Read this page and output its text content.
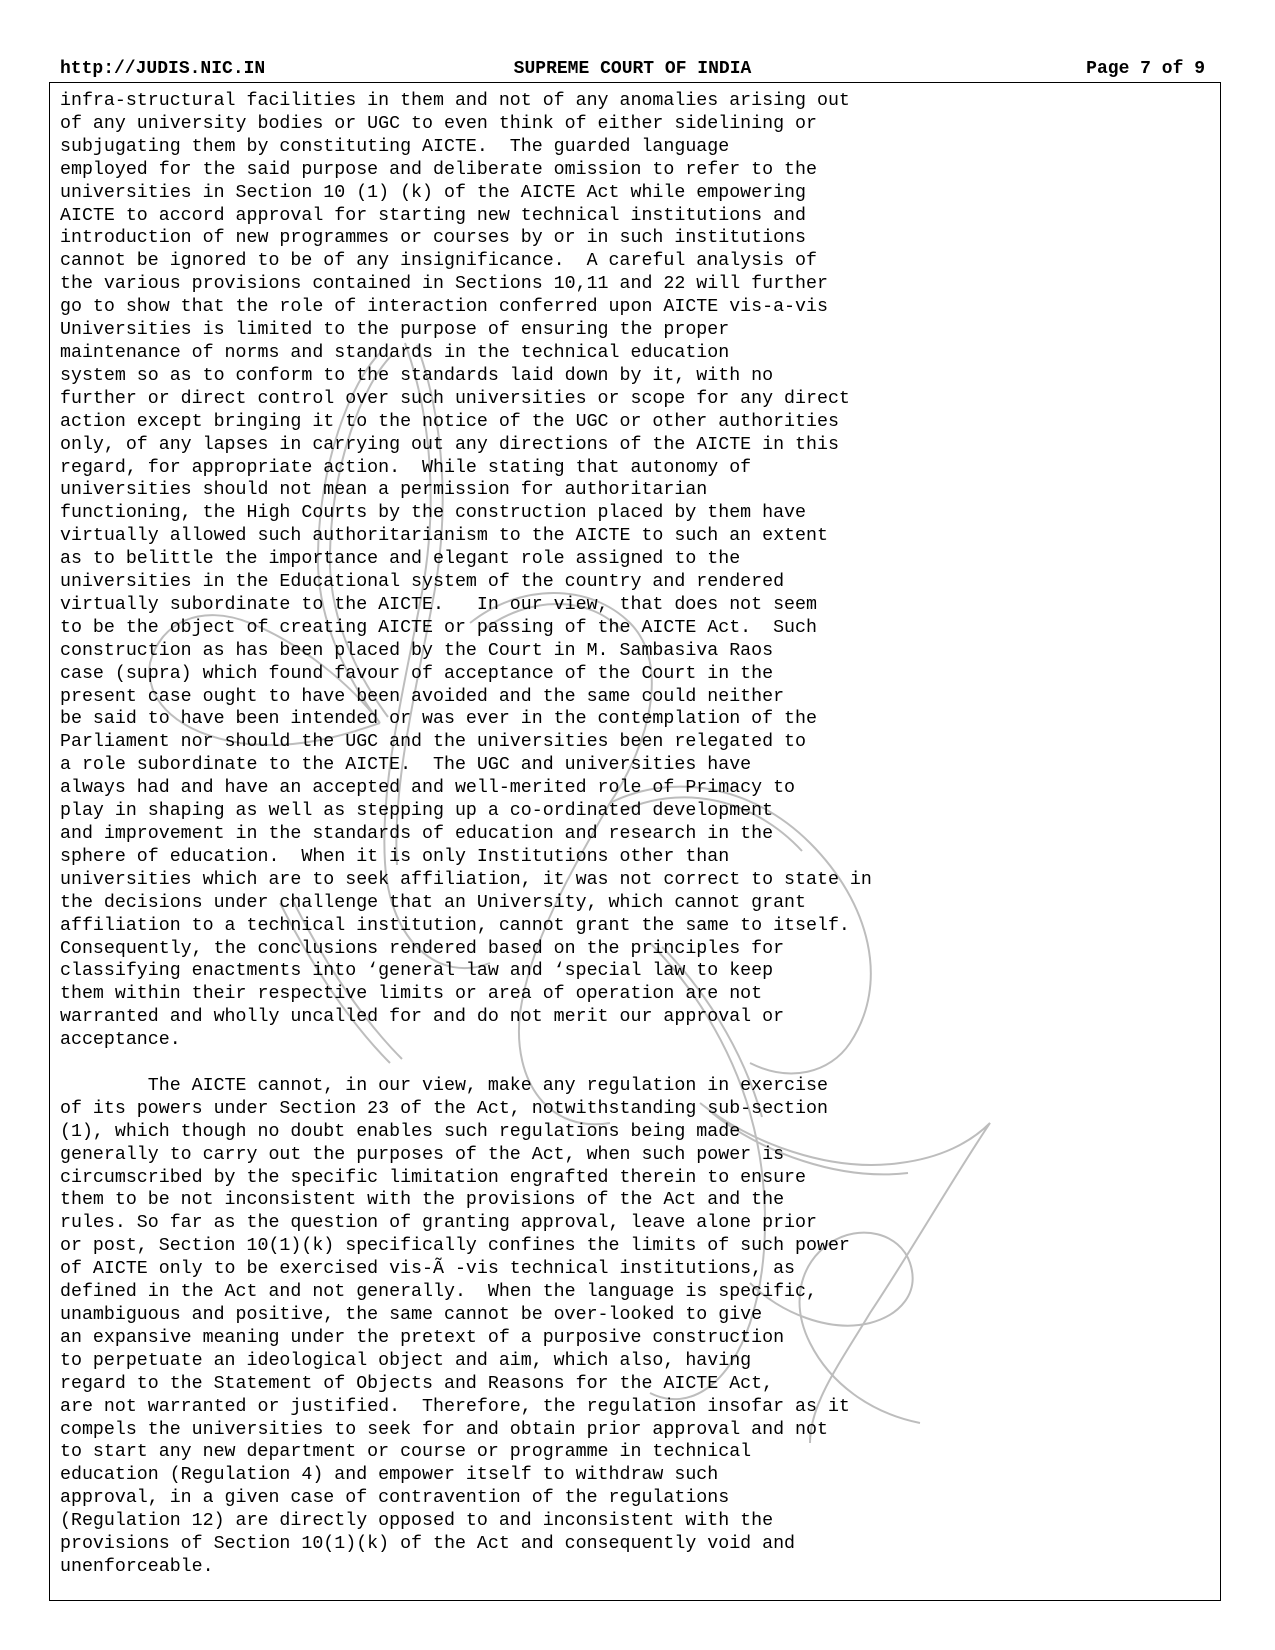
http://JUDIS.NIC.IN	SUPREME COURT OF INDIA	Page 7 of 9
infra-structural facilities in them and not of any anomalies arising out
of any university bodies or UGC to even think of either sidelining or
subjugating them by constituting AICTE.  The guarded language
employed for the said purpose and deliberate omission to refer to the
universities in Section 10 (1) (k) of the AICTE Act while empowering
AICTE to accord approval for starting new technical institutions and
introduction of new programmes or courses by or in such institutions
cannot be ignored to be of any insignificance.  A careful analysis of
the various provisions contained in Sections 10,11 and 22 will further
go to show that the role of interaction conferred upon AICTE vis-a-vis
Universities is limited to the purpose of ensuring the proper
maintenance of norms and standards in the technical education
system so as to conform to the standards laid down by it, with no
further or direct control over such universities or scope for any direct
action except bringing it to the notice of the UGC or other authorities
only, of any lapses in carrying out any directions of the AICTE in this
regard, for appropriate action.  While stating that autonomy of
universities should not mean a permission for authoritarian
functioning, the High Courts by the construction placed by them have
virtually allowed such authoritarianism to the AICTE to such an extent
as to belittle the importance and elegant role assigned to the
universities in the Educational system of the country and rendered
virtually subordinate to the AICTE.   In our view, that does not seem
to be the object of creating AICTE or passing of the AICTE Act.  Such
construction as has been placed by the Court in M. Sambasiva Raos
case (supra) which found favour of acceptance of the Court in the
present case ought to have been avoided and the same could neither
be said to have been intended or was ever in the contemplation of the
Parliament nor should the UGC and the universities been relegated to
a role subordinate to the AICTE.  The UGC and universities have
always had and have an accepted and well-merited role of Primacy to
play in shaping as well as stepping up a co-ordinated development
and improvement in the standards of education and research in the
sphere of education.  When it is only Institutions other than
universities which are to seek affiliation, it was not correct to state in
the decisions under challenge that an University, which cannot grant
affiliation to a technical institution, cannot grant the same to itself.
Consequently, the conclusions rendered based on the principles for
classifying enactments into ‘general law and ‘special law to keep
them within their respective limits or area of operation are not
warranted and wholly uncalled for and do not merit our approval or
acceptance.
The AICTE cannot, in our view, make any regulation in exercise
of its powers under Section 23 of the Act, notwithstanding sub-section
(1), which though no doubt enables such regulations being made
generally to carry out the purposes of the Act, when such power is
circumscribed by the specific limitation engrafted therein to ensure
them to be not inconsistent with the provisions of the Act and the
rules. So far as the question of granting approval, leave alone prior
or post, Section 10(1)(k) specifically confines the limits of such power
of AICTE only to be exercised vis-Ã -vis technical institutions, as
defined in the Act and not generally.  When the language is specific,
unambiguous and positive, the same cannot be over-looked to give
an expansive meaning under the pretext of a purposive construction
to perpetuate an ideological object and aim, which also, having
regard to the Statement of Objects and Reasons for the AICTE Act,
are not warranted or justified.  Therefore, the regulation insofar as it
compels the universities to seek for and obtain prior approval and not
to start any new department or course or programme in technical
education (Regulation 4) and empower itself to withdraw such
approval, in a given case of contravention of the regulations
(Regulation 12) are directly opposed to and inconsistent with the
provisions of Section 10(1)(k) of the Act and consequently void and
unenforceable.
